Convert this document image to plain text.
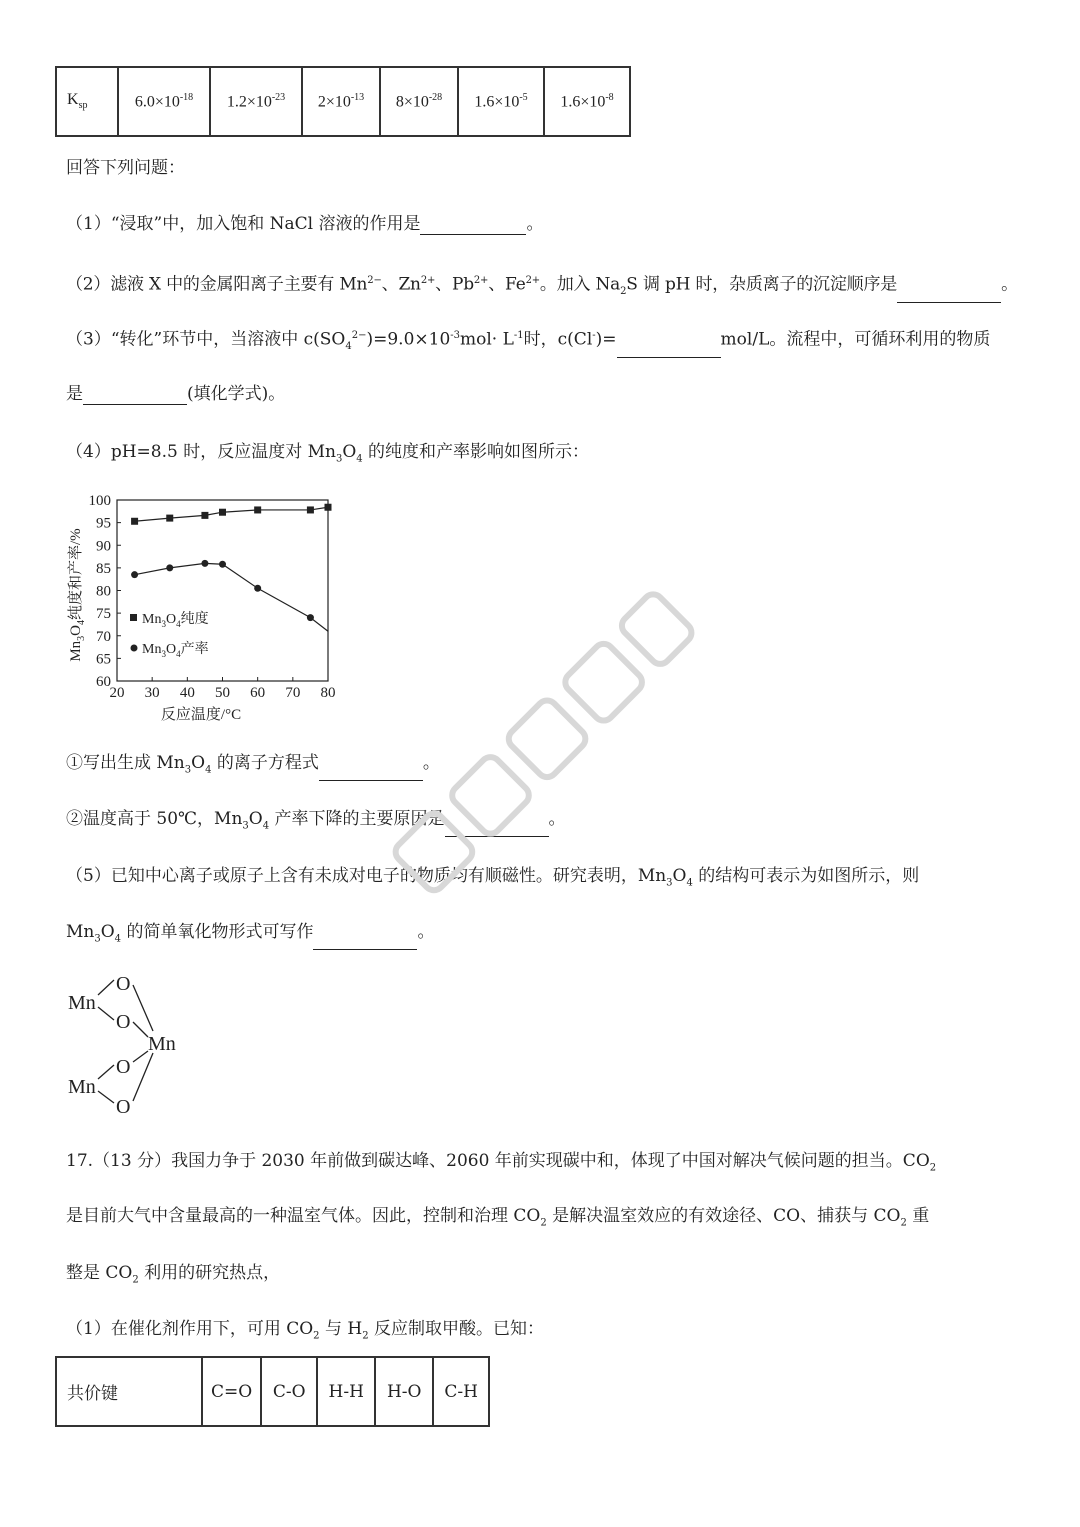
$K_{sp}$	$6.0\times 10^{-18}$	$1.2\times 10^{-23}$	$2\times 10^{-13}$	$8\times 10^{-28}$	$1.6\times 10^{-5}$	$1.6\times 10^{-8}$
回答下列问题：
（1）“浸取”中，加入饱和 NaCl 溶液的作用是	。
（2）滤液 X 中的金属阳离子主要有 $Mn^{2-}$、$Zn^{2+}$、$Pb^{2+}$、$Fe^{2+}$。加入 $Na_2S$ 调 pH 时，杂质离子的沉淀顺序是	。
（3）“转化”环节中，当溶液中 $c(SO_4^{2-})=9.0\times 10^{-3}mol\cdot L^{-1}$时，c(Cl-)=	mol/L。流程中，可循环利用的物质
是	(填化学式)。
（4）pH=8.5 时，反应温度对 $Mn_3O_4$ 的纯度和产率影响如图所示：
20 30 40 50 60 70 80
60
65
70
75
80
85
90
95
100
$Mn_3O_4$纯度和产率/%
反应温度/°C
$Mn_3O_4$纯度
$Mn_3O_4$产率
①写出生成 $Mn_3O_4$ 的离子方程式	。
②温度高于 50℃，$Mn_3O_4$ 产率下降的主要原因是	。
（5）已知中心离子或原子上含有未成对电子的物质均有顺磁性。研究表明，$Mn_3O_4$ 的结构可表示为如图所示，则
$Mn_3O_4$ 的简单氧化物形式可写作	。
Mn
O
O
Mn
O
Mn
O
17.（13 分）我国力争于 2030 年前做到碳达峰、2060 年前实现碳中和，体现了中国对解决气候问题的担当。$CO_2$
是目前大气中含量最高的一种温室气体。因此，控制和治理 $CO_2$ 是解决温室效应的有效途径、CO、捕获与 $CO_2$ 重
整是 $CO_2$ 利用的研究热点，
（1）在催化剂作用下，可用 $CO_2$ 与 $H_2$ 反应制取甲酸。已知：
共价键	C=O	C-O	H-H	H-O	C-H
